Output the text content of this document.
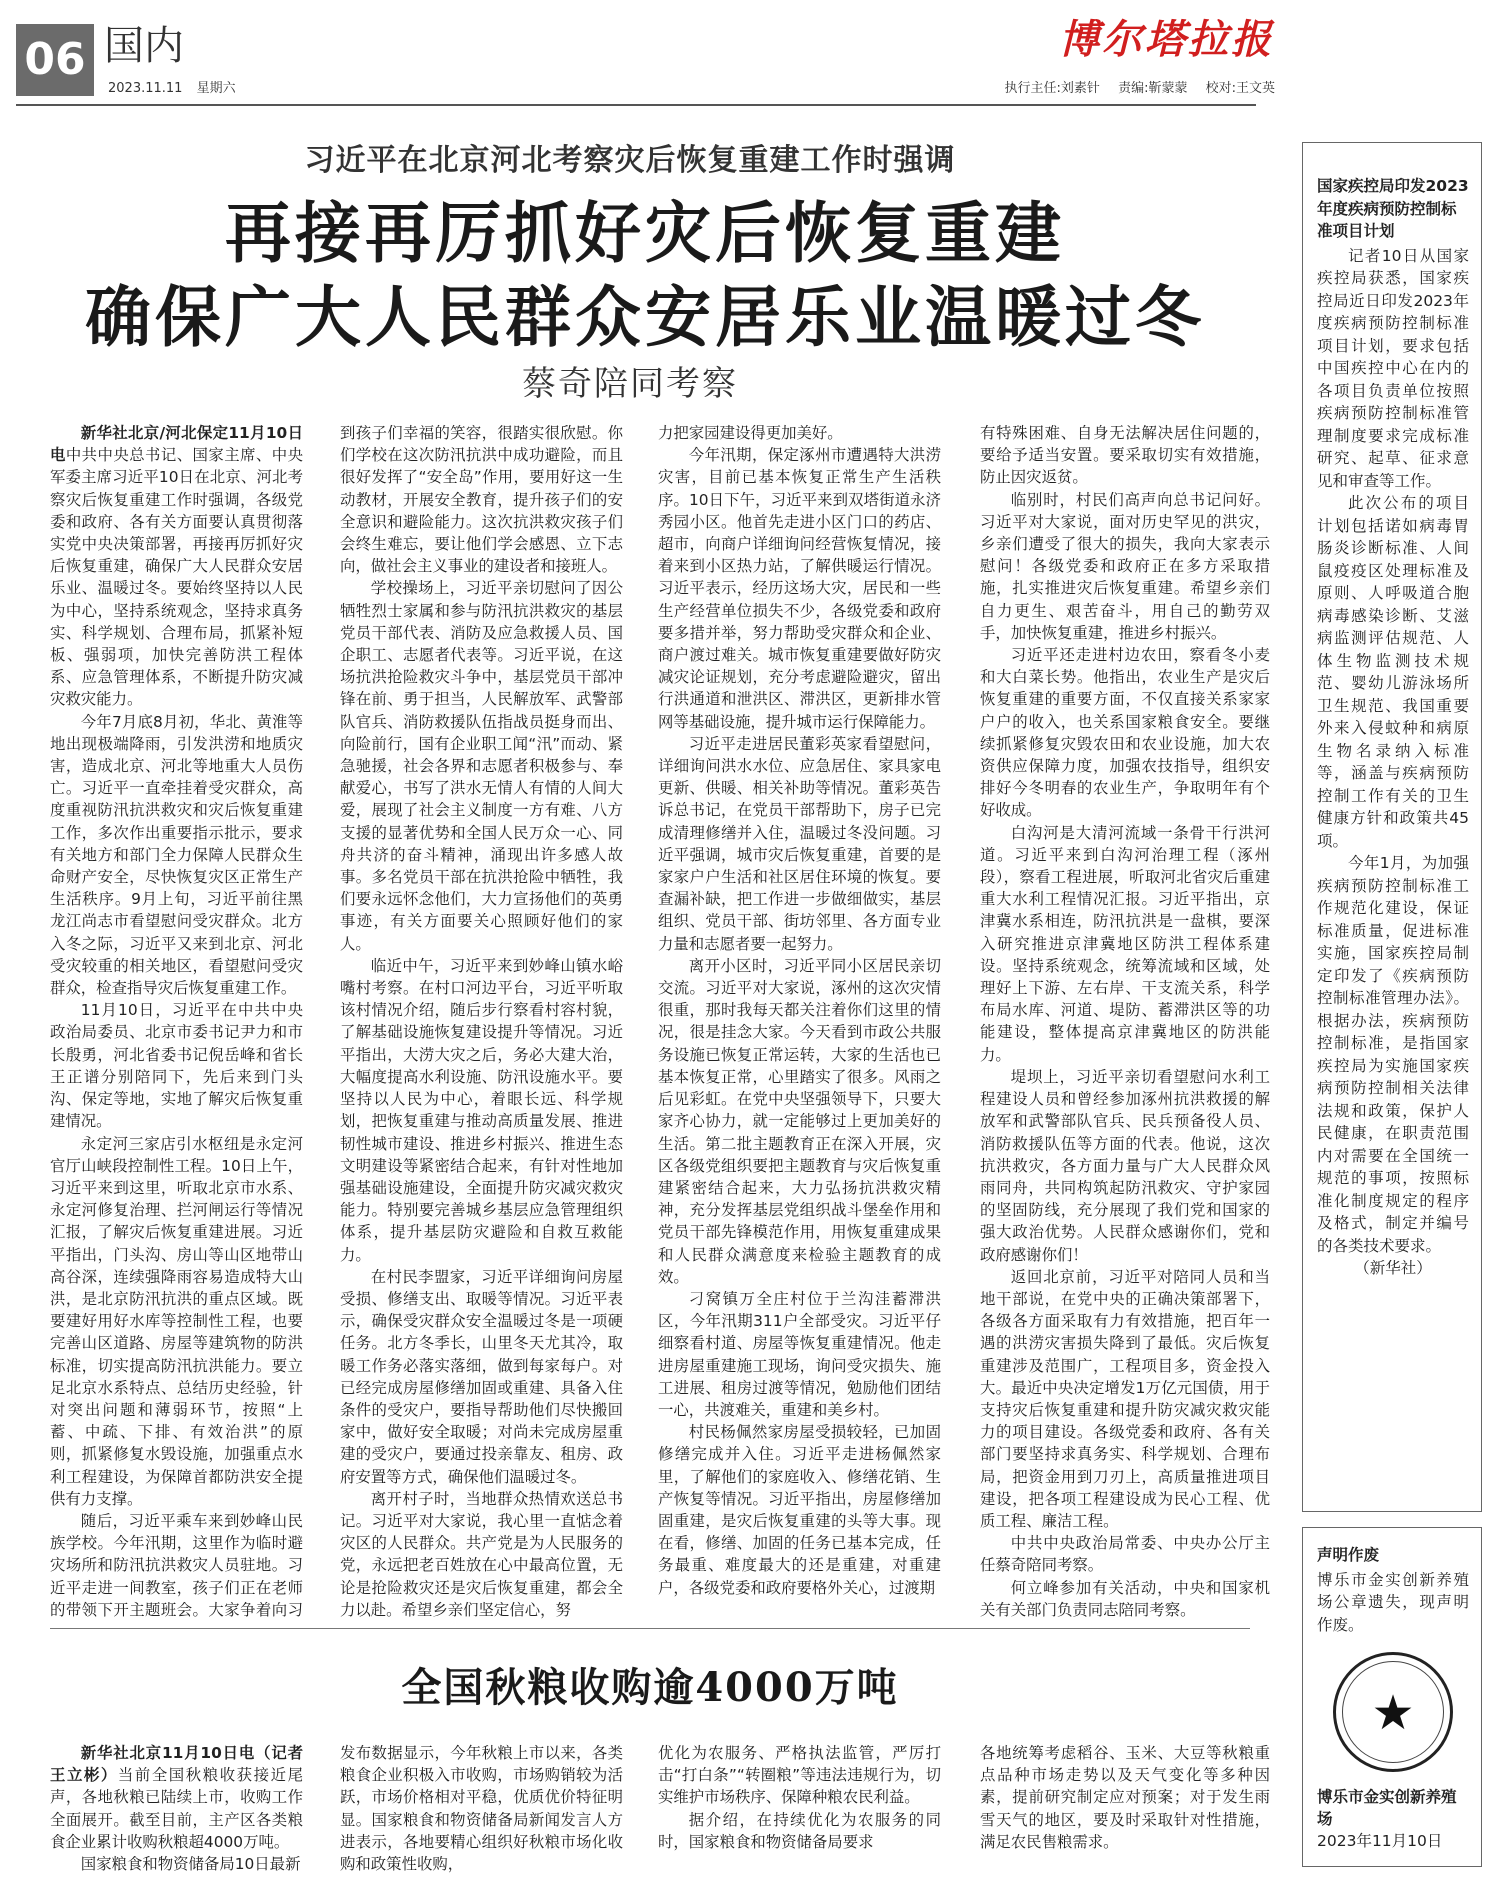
06 国内
2023.11.11 星期六
博尔塔拉报
执行主任:刘素针 责编:靳蒙蒙 校对:王文英
习近平在北京河北考察灾后恢复重建工作时强调
再接再厉抓好灾后恢复重建
确保广大人民群众安居乐业温暖过冬
蔡奇陪同考察

新华社北京/河北保定11月10日电中共中央总书记、国家主席、中央军委主席习近平10日在北京、河北考察灾后恢复重建工作时强调，各级党委和政府、各有关方面要认真贯彻落实党中央决策部署，再接再厉抓好灾后恢复重建，确保广大人民群众安居乐业、温暖过冬。要始终坚持以人民为中心，坚持系统观念，坚持求真务实、科学规划、合理布局，抓紧补短板、强弱项，加快完善防洪工程体系、应急管理体系，不断提升防灾减灾救灾能力。

今年7月底8月初，华北、黄淮等地出现极端降雨，引发洪涝和地质灾害，造成北京、河北等地重大人员伤亡。习近平一直牵挂着受灾群众，高度重视防汛抗洪救灾和灾后恢复重建工作，多次作出重要指示批示，要求有关地方和部门全力保障人民群众生命财产安全，尽快恢复灾区正常生产生活秩序。9月上旬，习近平前往黑龙江尚志市看望慰问受灾群众。北方入冬之际，习近平又来到北京、河北受灾较重的相关地区，看望慰问受灾群众，检查指导灾后恢复重建工作。

11月10日，习近平在中共中央政治局委员、北京市委书记尹力和市长殷勇，河北省委书记倪岳峰和省长王正谱分别陪同下，先后来到门头沟、保定等地，实地了解灾后恢复重建情况。

永定河三家店引水枢纽是永定河官厅山峡段控制性工程。10日上午，习近平来到这里，听取北京市水系、永定河修复治理、拦河闸运行等情况汇报，了解灾后恢复重建进展。习近平指出，门头沟、房山等山区地带山高谷深，连续强降雨容易造成特大山洪，是北京防汛抗洪的重点区域。既要建好用好水库等控制性工程，也要完善山区道路、房屋等建筑物的防洪标准，切实提高防汛抗洪能力。要立足北京水系特点、总结历史经验，针对突出问题和薄弱环节，按照“上蓄、中疏、下排、有效治洪”的原则，抓紧修复水毁设施，加强重点水利工程建设，为保障首都防洪安全提供有力支撑。

随后，习近平乘车来到妙峰山民族学校。今年汛期，这里作为临时避灾场所和防汛抗洪救灾人员驻地。习近平走进一间教室，孩子们正在老师的带领下开主题班会。大家争着向习

到孩子们幸福的笑容，很踏实很欣慰。你们学校在这次防汛抗洪中成功避险，而且很好发挥了“安全岛”作用，要用好这一生动教材，开展安全教育，提升孩子们的安全意识和避险能力。这次抗洪救灾孩子们会终生难忘，要让他们学会感恩、立下志向，做社会主义事业的建设者和接班人。

学校操场上，习近平亲切慰问了因公牺牲烈士家属和参与防汛抗洪救灾的基层党员干部代表、消防及应急救援人员、国企职工、志愿者代表等。习近平说，在这场抗洪抢险救灾斗争中，基层党员干部冲锋在前、勇于担当，人民解放军、武警部队官兵、消防救援队伍指战员挺身而出、向险前行，国有企业职工闻“汛”而动、紧急驰援，社会各界和志愿者积极参与、奉献爱心，书写了洪水无情人有情的人间大爱，展现了社会主义制度一方有难、八方支援的显著优势和全国人民万众一心、同舟共济的奋斗精神，涌现出许多感人故事。多名党员干部在抗洪抢险中牺牲，我们要永远怀念他们，大力宣扬他们的英勇事迹，有关方面要关心照顾好他们的家人。

临近中午，习近平来到妙峰山镇水峪嘴村考察。在村口河边平台，习近平听取该村情况介绍，随后步行察看村容村貌，了解基础设施恢复建设提升等情况。习近平指出，大涝大灾之后，务必大建大治，大幅度提高水利设施、防汛设施水平。要坚持以人民为中心，着眼长远、科学规划，把恢复重建与推动高质量发展、推进韧性城市建设、推进乡村振兴、推进生态文明建设等紧密结合起来，有针对性地加强基础设施建设，全面提升防灾减灾救灾能力。特别要完善城乡基层应急管理组织体系，提升基层防灾避险和自救互救能力。

在村民李盟家，习近平详细询问房屋受损、修缮支出、取暖等情况。习近平表示，确保受灾群众安全温暖过冬是一项硬任务。北方冬季长，山里冬天尤其冷，取暖工作务必落实落细，做到每家每户。对已经完成房屋修缮加固或重建、具备入住条件的受灾户，要指导帮助他们尽快搬回家中，做好安全取暖；对尚未完成房屋重建的受灾户，要通过投亲靠友、租房、政府安置等方式，确保他们温暖过冬。

离开村子时，当地群众热情欢送总书记。习近平对大家说，我心里一直惦念着灾区的人民群众。共产党是为人民服务的党，永远把老百姓放在心中最高位置，无论是抢险救灾还是灾后恢复重建，都会全力以赴。希望乡亲们坚定信心，努

力把家园建设得更加美好。

今年汛期，保定涿州市遭遇特大洪涝灾害，目前已基本恢复正常生产生活秩序。10日下午，习近平来到双塔街道永济秀园小区。他首先走进小区门口的药店、超市，向商户详细询问经营恢复情况，接着来到小区热力站，了解供暖运行情况。习近平表示，经历这场大灾，居民和一些生产经营单位损失不少，各级党委和政府要多措并举，努力帮助受灾群众和企业、商户渡过难关。城市恢复重建要做好防灾减灾论证规划，充分考虑避险避灾，留出行洪通道和泄洪区、滞洪区，更新排水管网等基础设施，提升城市运行保障能力。

习近平走进居民董彩英家看望慰问，详细询问洪水水位、应急居住、家具家电更新、供暖、相关补助等情况。董彩英告诉总书记，在党员干部帮助下，房子已完成清理修缮并入住，温暖过冬没问题。习近平强调，城市灾后恢复重建，首要的是家家户户生活和社区居住环境的恢复。要查漏补缺，把工作进一步做细做实，基层组织、党员干部、街坊邻里、各方面专业力量和志愿者要一起努力。

离开小区时，习近平同小区居民亲切交流。习近平对大家说，涿州的这次灾情很重，那时我每天都关注着你们这里的情况，很是挂念大家。今天看到市政公共服务设施已恢复正常运转，大家的生活也已基本恢复正常，心里踏实了很多。风雨之后见彩虹。在党中央坚强领导下，只要大家齐心协力，就一定能够过上更加美好的生活。第二批主题教育正在深入开展，灾区各级党组织要把主题教育与灾后恢复重建紧密结合起来，大力弘扬抗洪救灾精神，充分发挥基层党组织战斗堡垒作用和党员干部先锋模范作用，用恢复重建成果和人民群众满意度来检验主题教育的成效。

刁窝镇万全庄村位于兰沟洼蓄滞洪区，今年汛期311户全部受灾。习近平仔细察看村道、房屋等恢复重建情况。他走进房屋重建施工现场，询问受灾损失、施工进展、租房过渡等情况，勉励他们团结一心，共渡难关，重建和美乡村。

村民杨佩然家房屋受损较轻，已加固修缮完成并入住。习近平走进杨佩然家里，了解他们的家庭收入、修缮花销、生产恢复等情况。习近平指出，房屋修缮加固重建，是灾后恢复重建的头等大事。现在看，修缮、加固的任务已基本完成，任务最重、难度最大的还是重建，对重建户，各级党委和政府要格外关心，过渡期

有特殊困难、自身无法解决居住问题的，要给予适当安置。要采取切实有效措施，防止因灾返贫。

临别时，村民们高声向总书记问好。习近平对大家说，面对历史罕见的洪灾，乡亲们遭受了很大的损失，我向大家表示慰问！各级党委和政府正在多方采取措施，扎实推进灾后恢复重建。希望乡亲们自力更生、艰苦奋斗，用自己的勤劳双手，加快恢复重建，推进乡村振兴。

习近平还走进村边农田，察看冬小麦和大白菜长势。他指出，农业生产是灾后恢复重建的重要方面，不仅直接关系家家户户的收入，也关系国家粮食安全。要继续抓紧修复灾毁农田和农业设施，加大农资供应保障力度，加强农技指导，组织安排好今冬明春的农业生产，争取明年有个好收成。

白沟河是大清河流域一条骨干行洪河道。习近平来到白沟河治理工程（涿州段），察看工程进展，听取河北省灾后重建重大水利工程情况汇报。习近平指出，京津冀水系相连，防汛抗洪是一盘棋，要深入研究推进京津冀地区防洪工程体系建设。坚持系统观念，统筹流域和区域，处理好上下游、左右岸、干支流关系，科学布局水库、河道、堤防、蓄滞洪区等的功能建设，整体提高京津冀地区的防洪能力。

堤坝上，习近平亲切看望慰问水利工程建设人员和曾经参加涿州抗洪救援的解放军和武警部队官兵、民兵预备役人员、消防救援队伍等方面的代表。他说，这次抗洪救灾，各方面力量与广大人民群众风雨同舟，共同构筑起防汛救灾、守护家园的坚固防线，充分展现了我们党和国家的强大政治优势。人民群众感谢你们，党和政府感谢你们！

返回北京前，习近平对陪同人员和当地干部说，在党中央的正确决策部署下，各级各方面采取有力有效措施，把百年一遇的洪涝灾害损失降到了最低。灾后恢复重建涉及范围广，工程项目多，资金投入大。最近中央决定增发1万亿元国债，用于支持灾后恢复重建和提升防灾减灾救灾能力的项目建设。各级党委和政府、各有关部门要坚持求真务实、科学规划、合理布局，把资金用到刀刃上，高质量推进项目建设，把各项工程建设成为民心工程、优质工程、廉洁工程。

中共中央政治局常委、中央办公厅主任蔡奇陪同考察。

何立峰参加有关活动，中央和国家机关有关部门负责同志陪同考察。

全国秋粮收购逾4000万吨

新华社北京11月10日电（记者王立彬）当前全国秋粮收获接近尾声，各地秋粮已陆续上市，收购工作全面展开。截至目前，主产区各类粮食企业累计收购秋粮超4000万吨。

国家粮食和物资储备局10日最新

发布数据显示，今年秋粮上市以来，各类粮食企业积极入市收购，市场购销较为活跃，市场价格相对平稳，优质优价特征明显。国家粮食和物资储备局新闻发言人方进表示，各地要精心组织好秋粮市场化收购和政策性收购，

优化为农服务、严格执法监管，严厉打击“打白条”“转圈粮”等违法违规行为，切实维护市场秩序、保障种粮农民利益。

据介绍，在持续优化为农服务的同时，国家粮食和物资储备局要求

各地统筹考虑稻谷、玉米、大豆等秋粮重点品种市场走势以及天气变化等多种因素，提前研究制定应对预案；对于发生雨雪天气的地区，要及时采取针对性措施，满足农民售粮需求。

国家疾控局印发2023年度疾病预防控制标准项目计划

记者10日从国家疾控局获悉，国家疾控局近日印发2023年度疾病预防控制标准项目计划，要求包括中国疾控中心在内的各项目负责单位按照疾病预防控制标准管理制度要求完成标准研究、起草、征求意见和审查等工作。

此次公布的项目计划包括诺如病毒胃肠炎诊断标准、人间鼠疫疫区处理标准及原则、人呼吸道合胞病毒感染诊断、艾滋病监测评估规范、人体生物监测技术规范、婴幼儿游泳场所卫生规范、我国重要外来入侵蚊种和病原生物名录纳入标准等，涵盖与疾病预防控制工作有关的卫生健康方针和政策共45项。

今年1月，为加强疾病预防控制标准工作规范化建设，保证标准质量，促进标准实施，国家疾控局制定印发了《疾病预防控制标准管理办法》。根据办法，疾病预防控制标准，是指国家疾控局为实施国家疾病预防控制相关法律法规和政策，保护人民健康，在职责范围内对需要在全国统一规范的事项，按照标准化制度规定的程序及格式，制定并编号的各类技术要求。

（新华社）

声明作废
博乐市金实创新养殖场公章遗失，现声明作废。
★
博乐市金实创新养殖场
2023年11月10日
